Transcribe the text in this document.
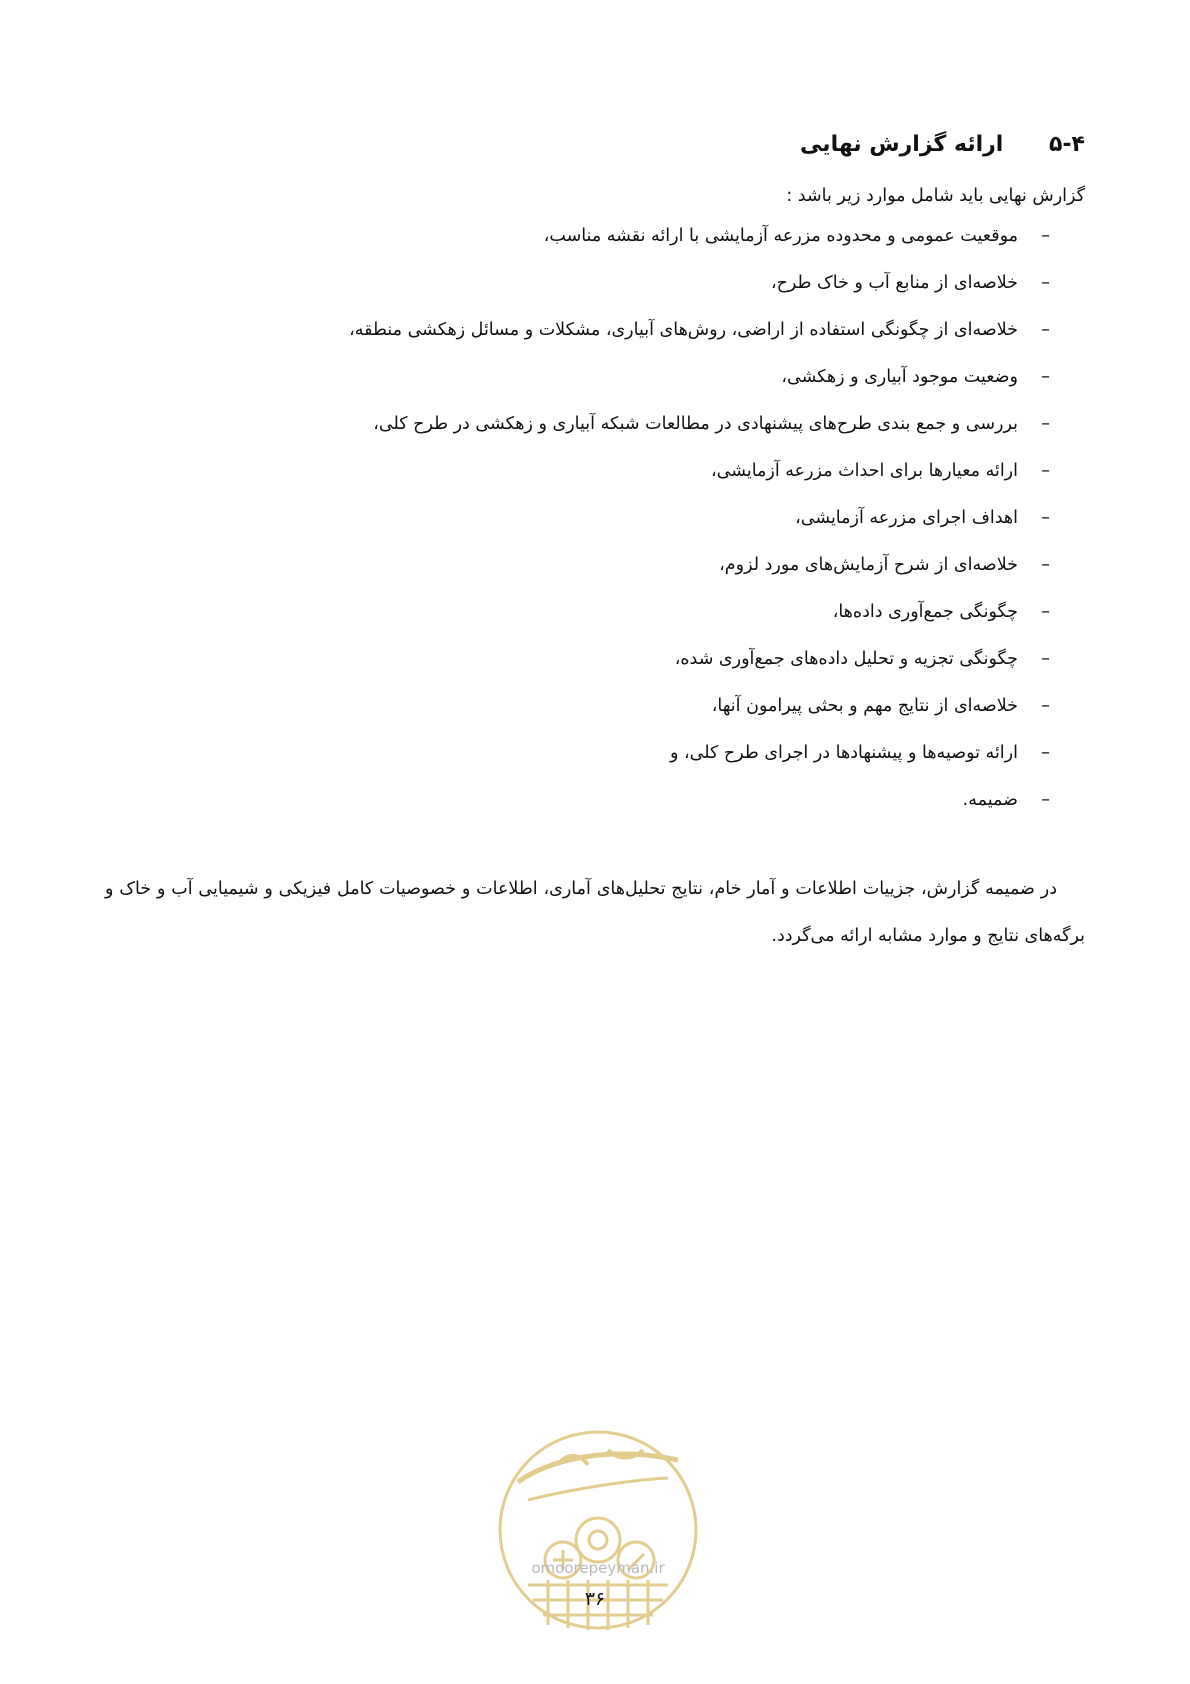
۵-۴ ارائه گزارش نهایی
گزارش نهایی باید شامل موارد زیر باشد :
–
موقعیت عمومی و محدوده مزرعه آزمایشی با ارائه نقشه مناسب،
–
خلاصه‌ای از منابع آب و خاک طرح،
–
خلاصه‌ای از چگونگی استفاده از اراضی، روش‌های آبیاری، مشکلات و مسائل زهکشی منطقه،
–
وضعیت موجود آبیاری و زهکشی،
–
بررسی و جمع بندی طرح‌های پیشنهادی در مطالعات شبکه آبیاری و زهکشی در طرح کلی،
–
ارائه معیارها برای احداث مزرعه آزمایشی،
–
اهداف اجرای مزرعه آزمایشی،
–
خلاصه‌ای از شرح آزمایش‌های مورد لزوم،
–
چگونگی جمع‌آوری داده‌ها،
–
چگونگی تجزیه و تحلیل داده‌های جمع‌آوری شده،
–
خلاصه‌ای از نتایج مهم و بحثی پیرامون آنها،
–
ارائه توصیه‌ها و پیشنهادها در اجرای طرح کلی، و
–
ضمیمه.

در ضمیمه گزارش، جزییات اطلاعات و آمار خام، نتایج تحلیل‌های آماری، اطلاعات و خصوصیات کامل فیزیکی و شیمیایی آب و خاک و برگه‌های نتایج و موارد مشابه ارائه می‌گردد.

omoorepeyman.ir
۳۶
